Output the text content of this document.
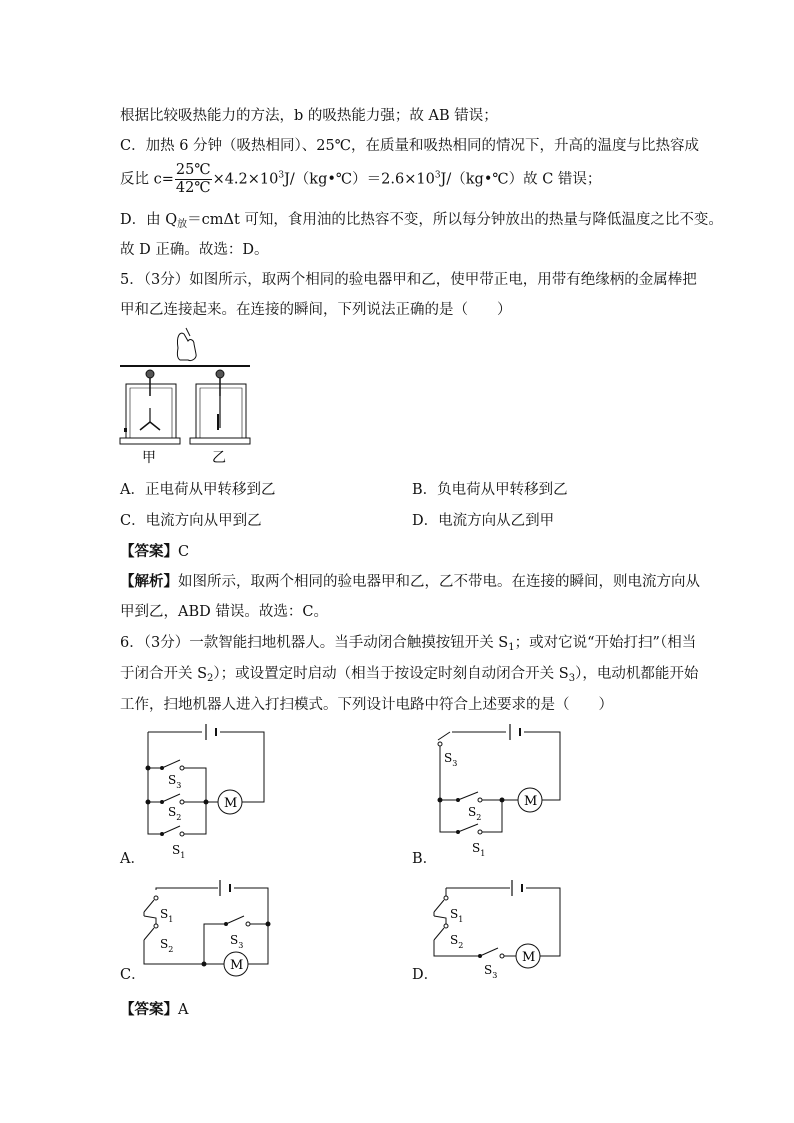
根据比较吸热能力的方法，b 的吸热能力强；故 AB 错误；
C．加热 6 分钟（吸热相同）、25℃，在质量和吸热相同的情况下，升高的温度与比热容成
反比 $c= \frac{25℃}{42℃}$ $\times 4.2\times 10^3J/(kg•℃)=2.6\times 10^3J/(kg•℃)$故 C 错误；
D．由 $Q_放=cm\Delta t$ 可知，食用油的比热容不变，所以每分钟放出的热量与降低温度之比不变。
故 D 正确。故选：D。
5．（3分）如图所示，取两个相同的验电器甲和乙，使甲带正电，用带有绝缘柄的金属棒把
甲和乙连接起来。在连接的瞬间，下列说法正确的是（　　）
甲	乙
A．正电荷从甲转移到乙	B．负电荷从甲转移到乙
C．电流方向从甲到乙	D．电流方向从乙到甲
【答案】C
【解析】如图所示，取两个相同的验电器甲和乙，乙不带电。在连接的瞬间，则电流方向从
甲到乙，ABD 错误。故选：C。
6．（3分）一款智能扫地机器人。当手动闭合触摸按钮开关 $S_1$；或对它说“开始打扫”（相当
于闭合开关 $S_2$）；或设置定时启动（相当于按设定时刻自动闭合开关 $S_3$），电动机都能开始
工作，扫地机器人进入打扫模式。下列设计电路中符合上述要求的是（　　）
M
$S_3$
$S_2$
$S_1$
A．
M
$S_3$
$S_2$
$S_1$
B．
M
$S_1$
$S_2$
$S_3$
C．
M
$S_1$
$S_2$
$S_3$
D．
【答案】A
